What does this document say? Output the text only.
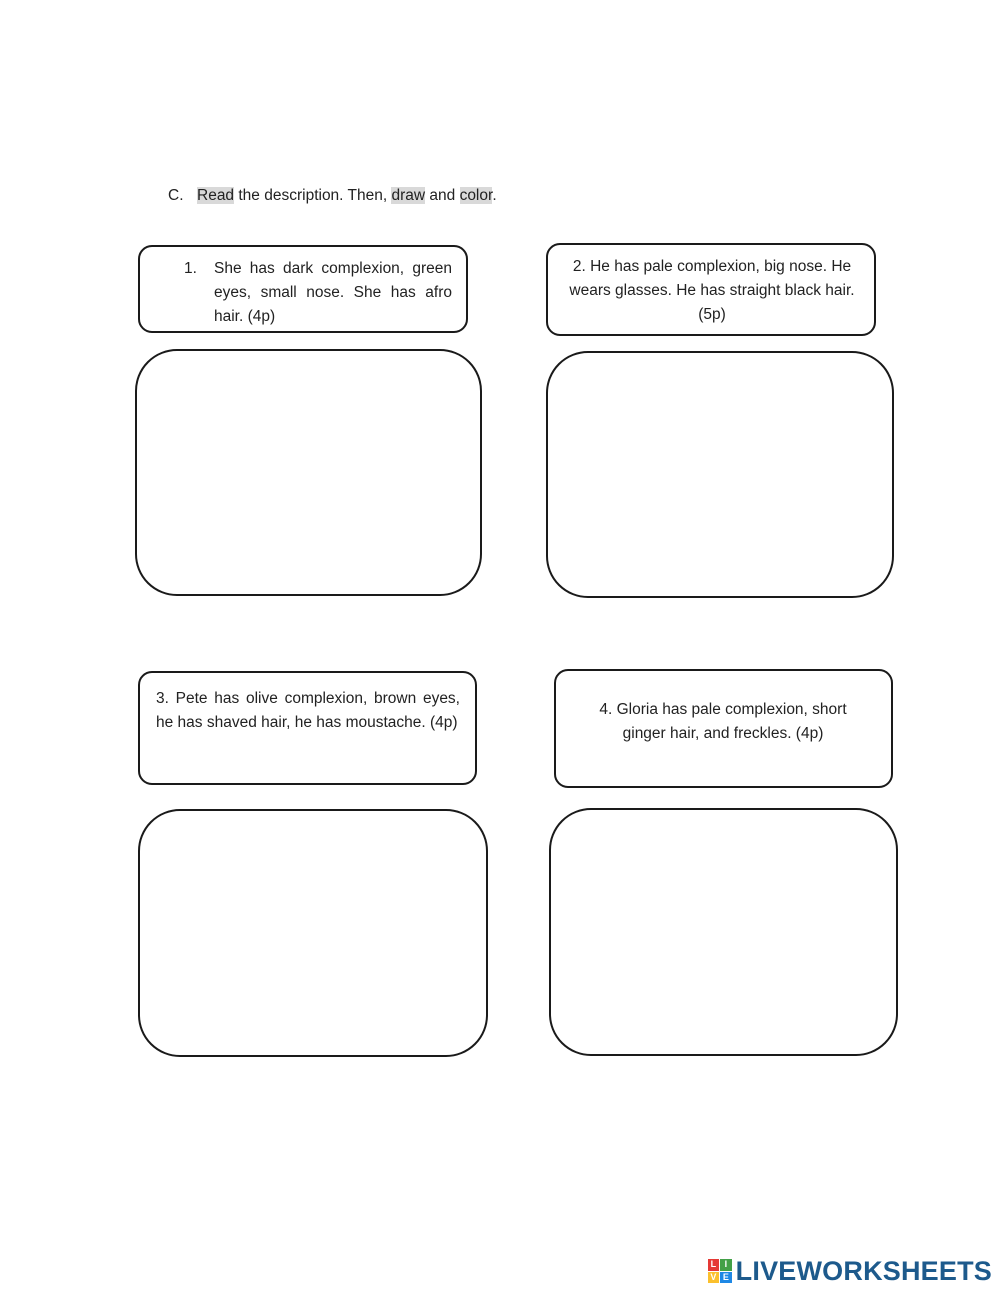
C. Read the description. Then, draw and color.
1. She has dark complexion, green eyes, small nose. She has afro hair. (4p)
2. He has pale complexion, big nose. He wears glasses. He has straight black hair. (5p)
3. Pete has olive complexion, brown eyes, he has shaved hair, he has moustache. (4p)
4. Gloria has pale complexion, short ginger hair, and freckles. (4p)
L I
V E LIVEWORKSHEETS
